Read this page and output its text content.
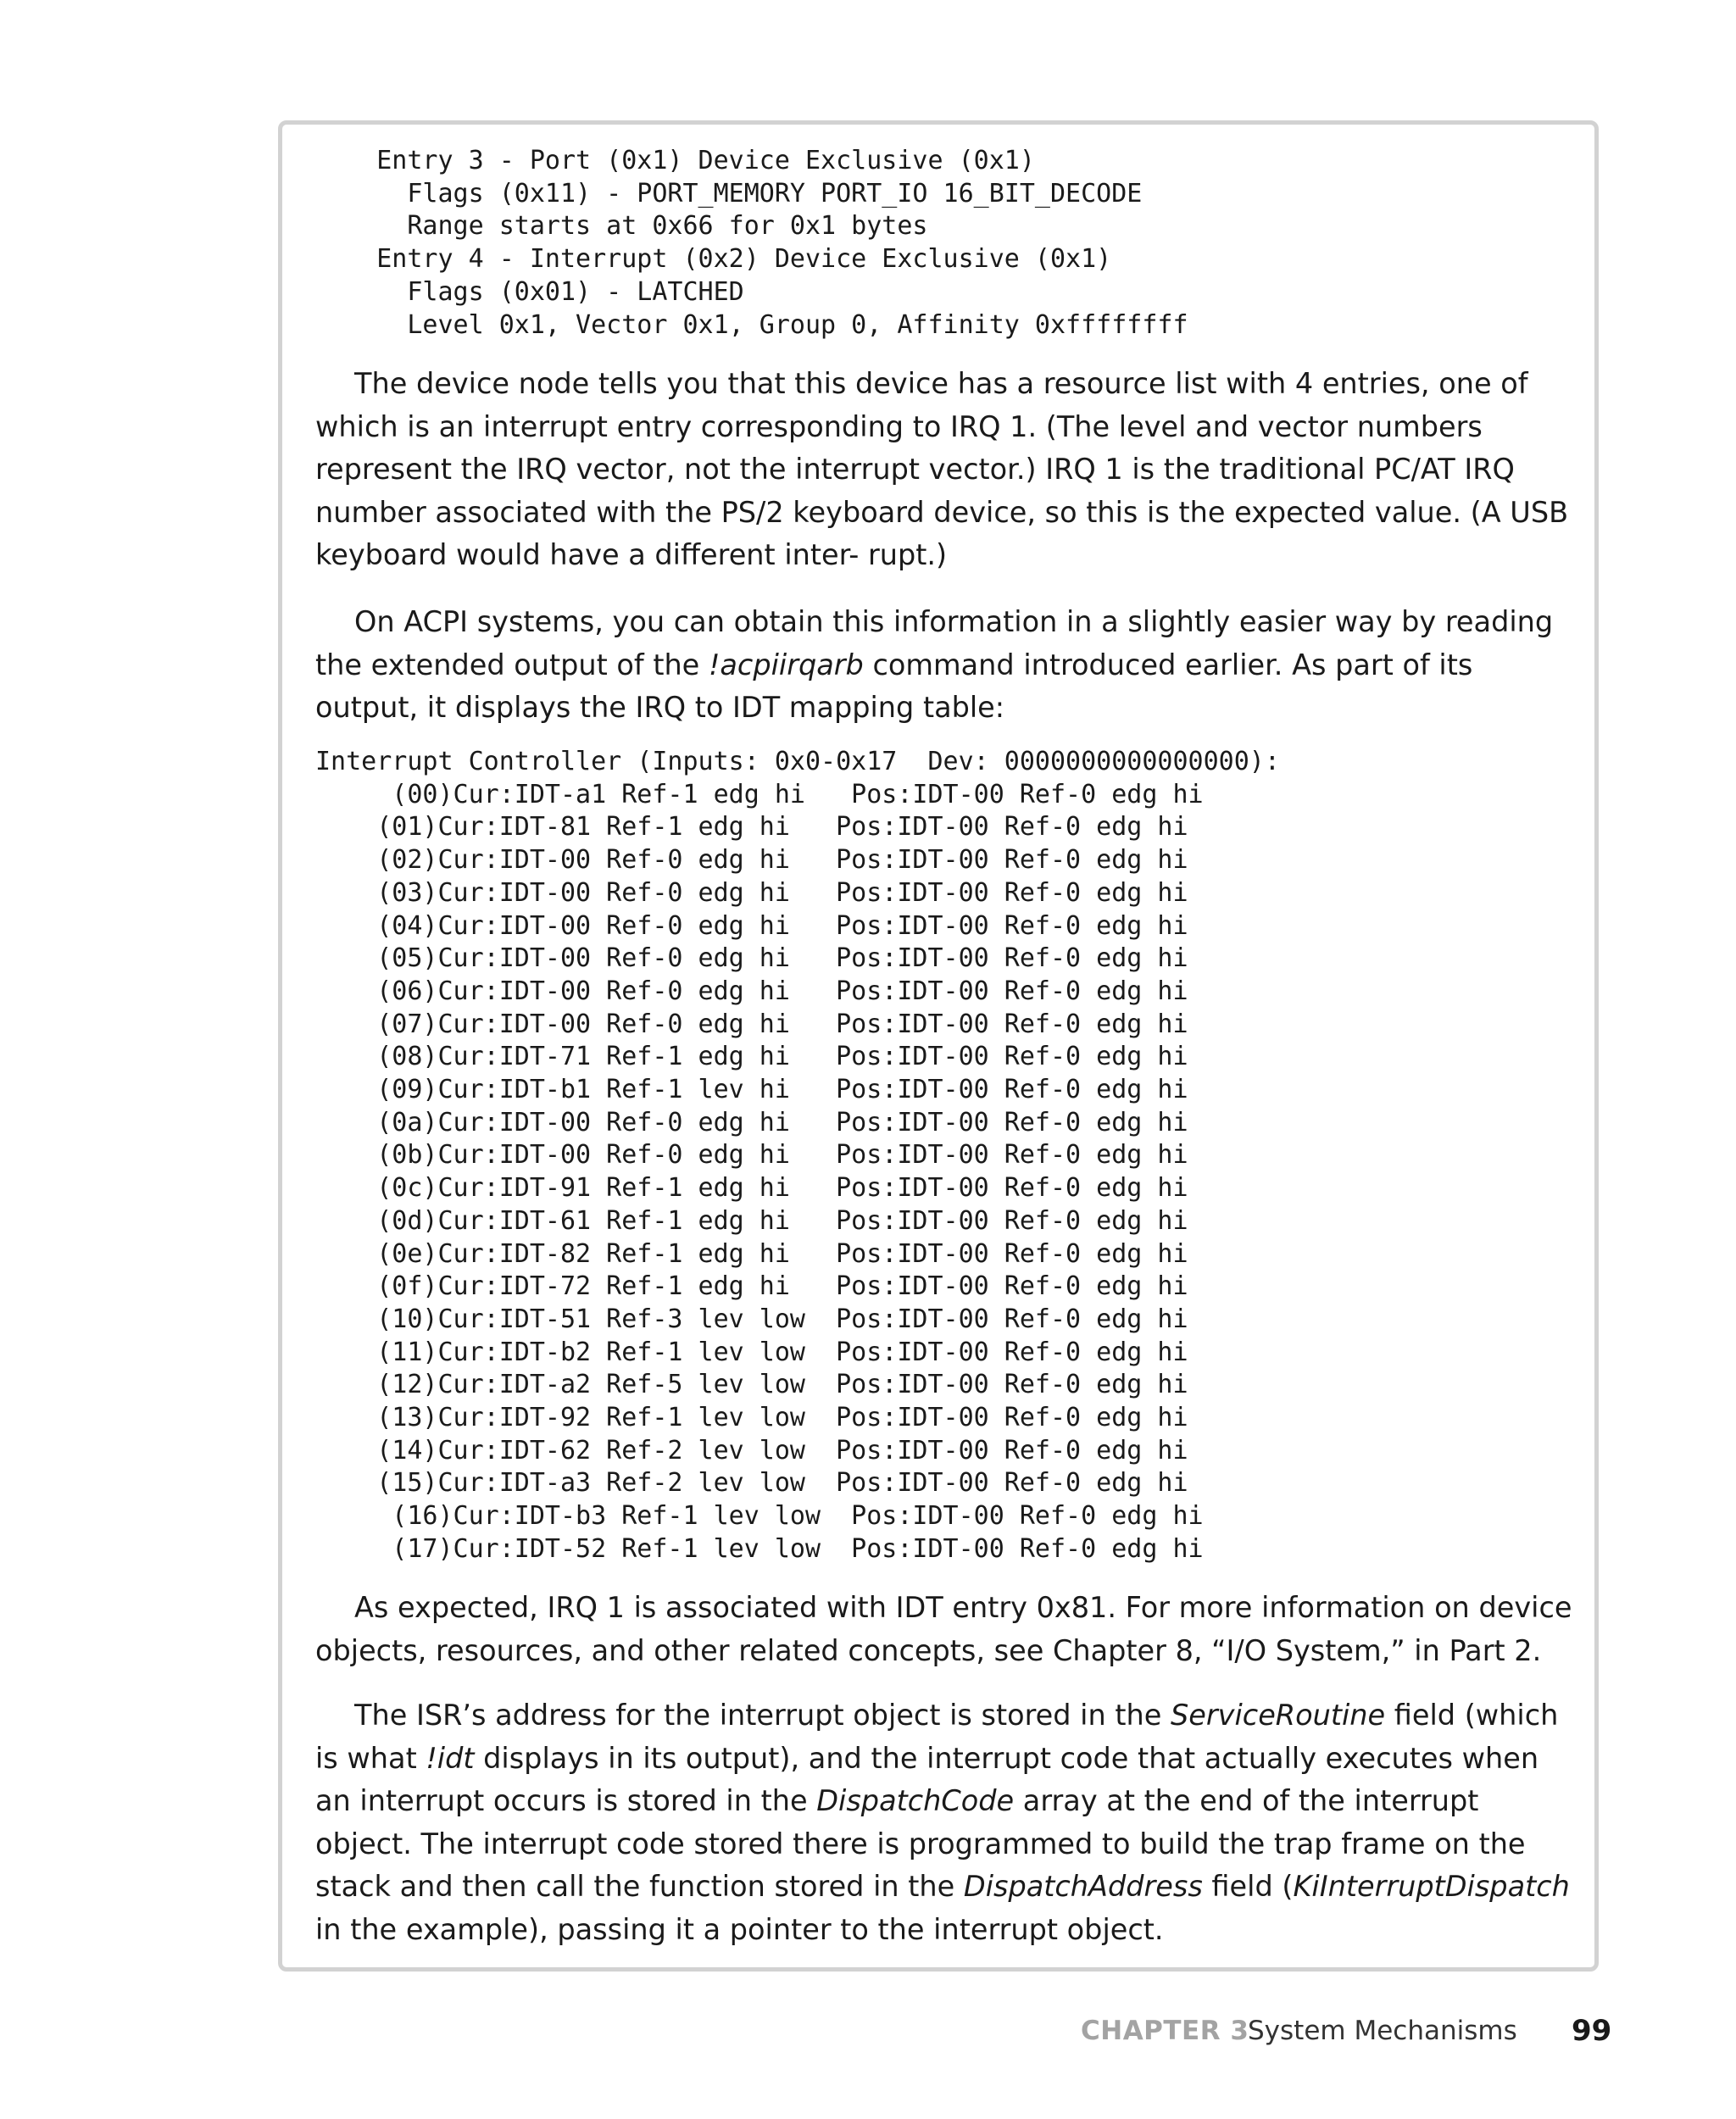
Entry 3 - Port (0x1) Device Exclusive (0x1)
Flags (0x11) - PORT_MEMORY PORT_IO 16_BIT_DECODE
Range starts at 0x66 for 0x1 bytes
Entry 4 - Interrupt (0x2) Device Exclusive (0x1)
Flags (0x01) - LATCHED
Level 0x1, Vector 0x1, Group 0, Affinity 0xffffffff

The device node tells you that this device has a resource list with 4 entries, one of which is an interrupt entry corresponding to IRQ 1. (The level and vector numbers represent the IRQ vector, not the interrupt vector.) IRQ 1 is the traditional PC/AT IRQ number associated with the PS/2 keyboard device, so this is the expected value. (A USB keyboard would have a different inter- rupt.)

On ACPI systems, you can obtain this information in a slightly easier way by reading the extended output of the !acpiirqarb command introduced earlier. As part of its output, it displays the IRQ to IDT mapping table:

Interrupt Controller (Inputs: 0x0-0x17  Dev: 0000000000000000):
(00)Cur:IDT-a1 Ref-1 edg hi   Pos:IDT-00 Ref-0 edg hi
(01)Cur:IDT-81 Ref-1 edg hi   Pos:IDT-00 Ref-0 edg hi
(02)Cur:IDT-00 Ref-0 edg hi   Pos:IDT-00 Ref-0 edg hi
(03)Cur:IDT-00 Ref-0 edg hi   Pos:IDT-00 Ref-0 edg hi
(04)Cur:IDT-00 Ref-0 edg hi   Pos:IDT-00 Ref-0 edg hi
(05)Cur:IDT-00 Ref-0 edg hi   Pos:IDT-00 Ref-0 edg hi
(06)Cur:IDT-00 Ref-0 edg hi   Pos:IDT-00 Ref-0 edg hi
(07)Cur:IDT-00 Ref-0 edg hi   Pos:IDT-00 Ref-0 edg hi
(08)Cur:IDT-71 Ref-1 edg hi   Pos:IDT-00 Ref-0 edg hi
(09)Cur:IDT-b1 Ref-1 lev hi   Pos:IDT-00 Ref-0 edg hi
(0a)Cur:IDT-00 Ref-0 edg hi   Pos:IDT-00 Ref-0 edg hi
(0b)Cur:IDT-00 Ref-0 edg hi   Pos:IDT-00 Ref-0 edg hi
(0c)Cur:IDT-91 Ref-1 edg hi   Pos:IDT-00 Ref-0 edg hi
(0d)Cur:IDT-61 Ref-1 edg hi   Pos:IDT-00 Ref-0 edg hi
(0e)Cur:IDT-82 Ref-1 edg hi   Pos:IDT-00 Ref-0 edg hi
(0f)Cur:IDT-72 Ref-1 edg hi   Pos:IDT-00 Ref-0 edg hi
(10)Cur:IDT-51 Ref-3 lev low  Pos:IDT-00 Ref-0 edg hi
(11)Cur:IDT-b2 Ref-1 lev low  Pos:IDT-00 Ref-0 edg hi
(12)Cur:IDT-a2 Ref-5 lev low  Pos:IDT-00 Ref-0 edg hi
(13)Cur:IDT-92 Ref-1 lev low  Pos:IDT-00 Ref-0 edg hi
(14)Cur:IDT-62 Ref-2 lev low  Pos:IDT-00 Ref-0 edg hi
(15)Cur:IDT-a3 Ref-2 lev low  Pos:IDT-00 Ref-0 edg hi
(16)Cur:IDT-b3 Ref-1 lev low  Pos:IDT-00 Ref-0 edg hi
(17)Cur:IDT-52 Ref-1 lev low  Pos:IDT-00 Ref-0 edg hi

As expected, IRQ 1 is associated with IDT entry 0x81. For more information on device objects, resources, and other related concepts, see Chapter 8, “I/O System,” in Part 2.

The ISR’s address for the interrupt object is stored in the ServiceRoutine field (which is what !idt displays in its output), and the interrupt code that actually executes when an interrupt occurs is stored in the DispatchCode array at the end of the interrupt object. The interrupt code stored there is programmed to build the trap frame on the stack and then call the function stored in the DispatchAddress field (KiInterruptDispatch in the example), passing it a pointer to the interrupt object.

CHAPTER 3
System Mechanisms 99
